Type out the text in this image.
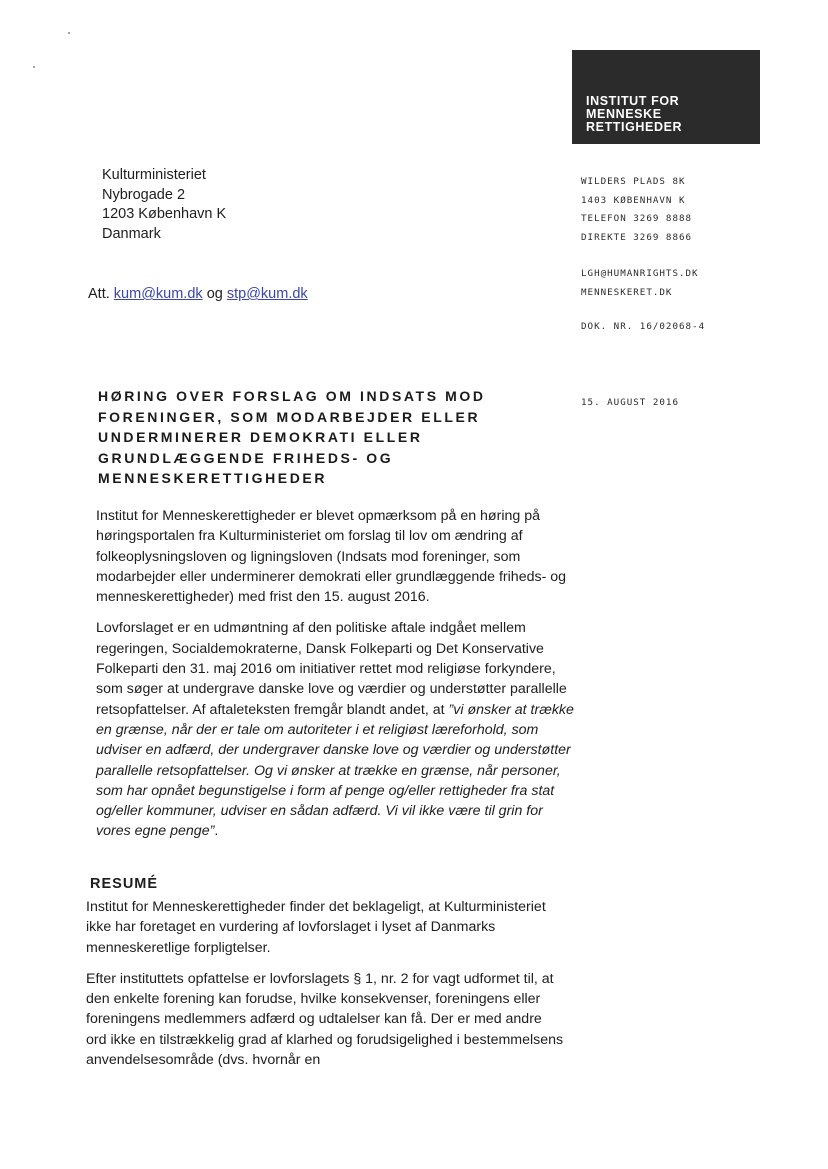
INSTITUT FOR
MENNESKE
RETTIGHEDER
WILDERS PLADS 8K
1403 KØBENHAVN K
TELEFON 3269 8888
DIREKTE 3269 8866
LGH@HUMANRIGHTS.DK
MENNESKERET.DK
DOK. NR. 16/02068-4
15. AUGUST 2016
Kulturministeriet
Nybrogade 2
1203 København K
Danmark
Att. kum@kum.dk og stp@kum.dk
HØRING OVER FORSLAG OM INDSATS MOD
FORENINGER, SOM MODARBEJDER ELLER
UNDERMINERER DEMOKRATI ELLER
GRUNDLÆGGENDE FRIHEDS- OG
MENNESKERETTIGHEDER

Institut for Menneskerettigheder er blevet opmærksom på en høring på høringsportalen fra Kulturministeriet om forslag til lov om ændring af folkeoplysningsloven og ligningsloven (Indsats mod foreninger, som modarbejder eller underminerer demokrati eller grundlæggende friheds- og menneskerettigheder) med frist den 15. august 2016.

Lovforslaget er en udmøntning af den politiske aftale indgået mellem regeringen, Socialdemokraterne, Dansk Folkeparti og Det Konservative Folkeparti den 31. maj 2016 om initiativer rettet mod religiøse forkyndere, som søger at undergrave danske love og værdier og understøtter parallelle retsopfattelser. Af aftaleteksten fremgår blandt andet, at ”vi ønsker at trække en grænse, når der er tale om autoriteter i et religiøst læreforhold, som udviser en adfærd, der undergraver danske love og værdier og understøtter parallelle retsopfattelser. Og vi ønsker at trække en grænse, når personer, som har opnået begunstigelse i form af penge og/eller rettigheder fra stat og/eller kommuner, udviser en sådan adfærd. Vi vil ikke være til grin for vores egne penge”.

RESUMÉ

Institut for Menneskerettigheder finder det beklageligt, at Kulturministeriet ikke har foretaget en vurdering af lovforslaget i lyset af Danmarks menneskeretlige forpligtelser.

Efter instituttets opfattelse er lovforslagets § 1, nr. 2 for vagt udformet til, at den enkelte forening kan forudse, hvilke konsekvenser, foreningens eller foreningens medlemmers adfærd og udtalelser kan få. Der er med andre ord ikke en tilstrækkelig grad af klarhed og forudsigelighed i bestemmelsens anvendelsesområde (dvs. hvornår en
